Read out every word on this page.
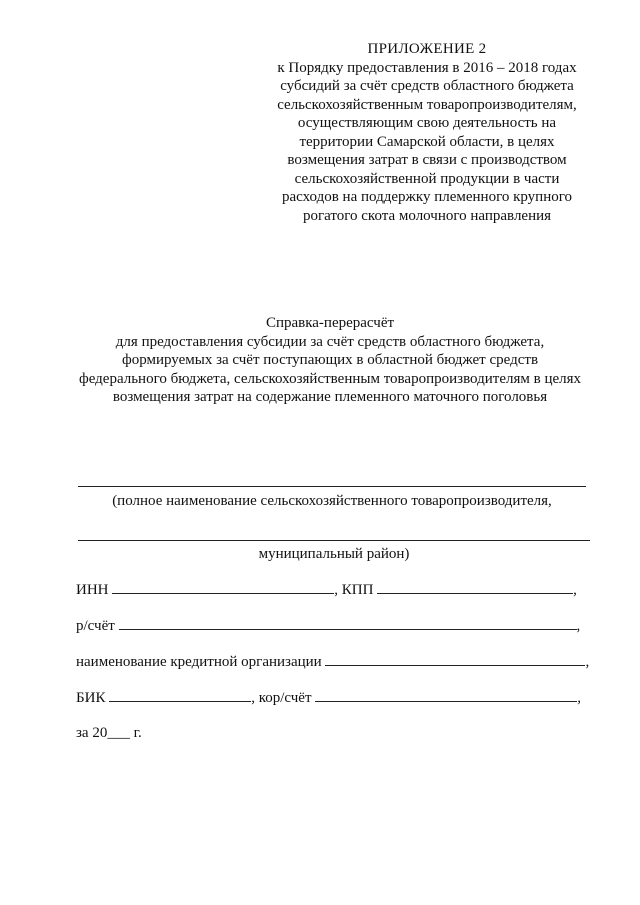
ПРИЛОЖЕНИЕ 2
к Порядку предоставления в 2016 – 2018 годах
субсидий за счёт средств областного бюджета
сельскохозяйственным товаропроизводителям,
осуществляющим свою деятельность на
территории Самарской области, в целях
возмещения затрат в связи с производством
сельскохозяйственной продукции в части
расходов на поддержку племенного крупного
рогатого скота молочного направления
Справка-перерасчёт
для предоставления субсидии за счёт средств областного бюджета,
формируемых за счёт поступающих в областной бюджет средств
федерального бюджета, сельскохозяйственным товаропроизводителям в целях
возмещения затрат на содержание племенного маточного поголовья
(полное наименование сельскохозяйственного товаропроизводителя,
муниципальный район)
ИНН	, КПП	,
р/счёт	,
наименование кредитной организации	,
БИК	, кор/счёт	,
за 20___ г.
